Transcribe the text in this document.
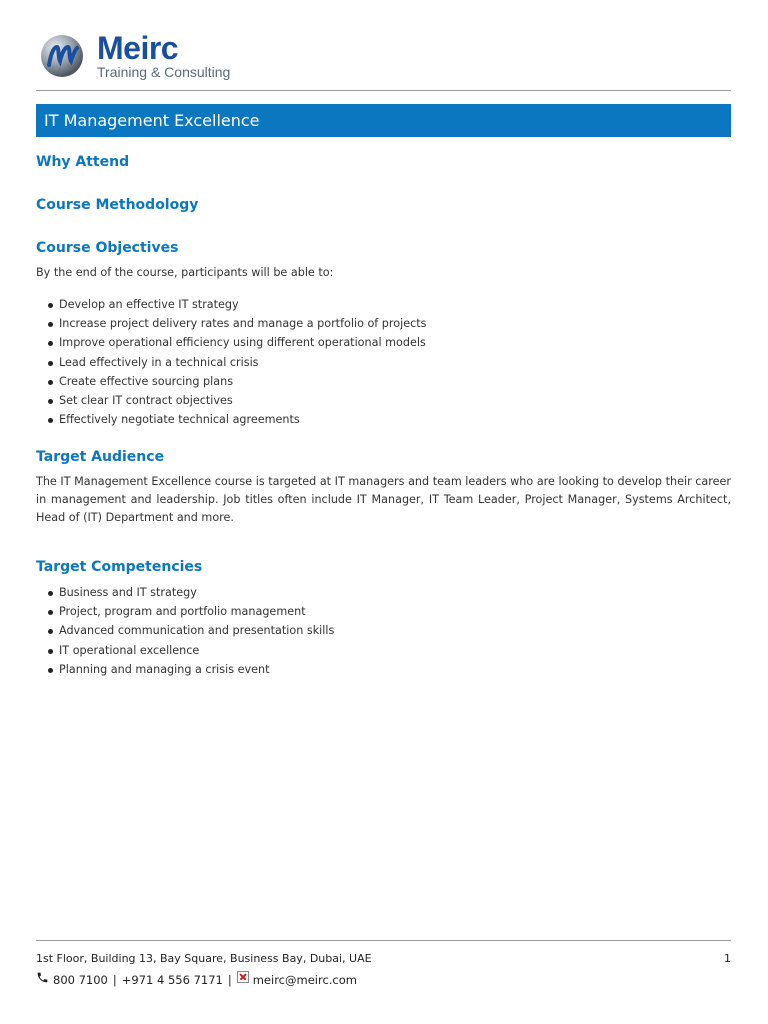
Meirc
Training & Consulting
IT Management Excellence
Why Attend
Course Methodology
Course Objectives

By the end of the course, participants will be able to:

Develop an effective IT strategy
Increase project delivery rates and manage a portfolio of projects
Improve operational efficiency using different operational models
Lead effectively in a technical crisis
Create effective sourcing plans
Set clear IT contract objectives
Effectively negotiate technical agreements
Target Audience

The IT Management Excellence course is targeted at IT managers and team leaders who are looking to develop their career in management and leadership. Job titles often include IT Manager, IT Team Leader, Project Manager, Systems Architect, Head of (IT) Department and more.

Target Competencies
Business and IT strategy
Project, program and portfolio management
Advanced communication and presentation skills
IT operational excellence
Planning and managing a crisis event
1st Floor, Building 13, Bay Square, Business Bay, Dubai, UAE	1
800 7100 | +971 4 556 7171 | meirc@meirc.com
